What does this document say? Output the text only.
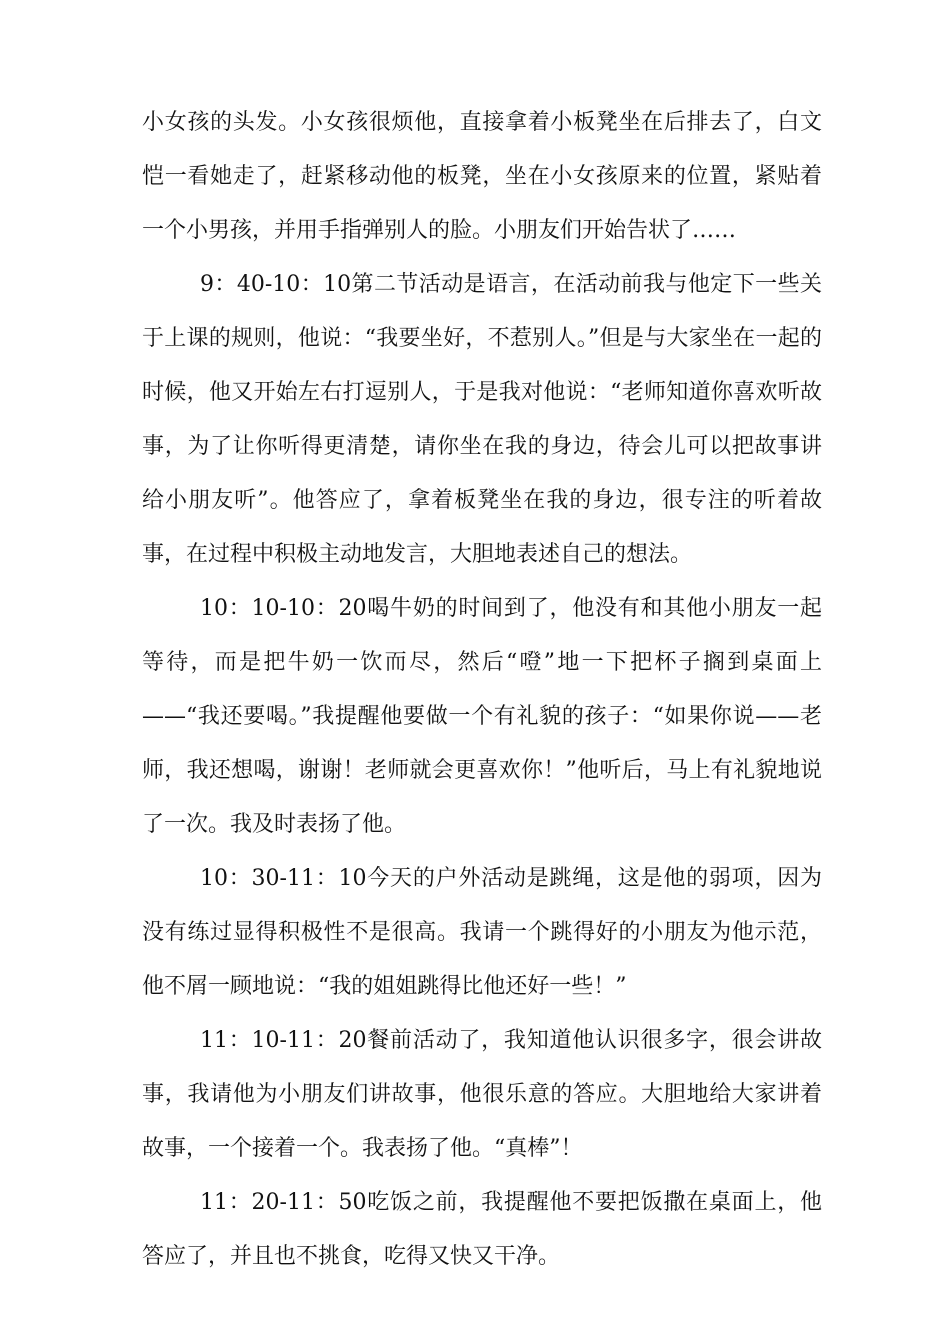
小女孩的头发。小女孩很烦他，直接拿着小板凳坐在后排去了，白文恺一看她走了，赶紧移动他的板凳，坐在小女孩原来的位置，紧贴着一个小男孩，并用手指弹别人的脸。小朋友们开始告状了……

9：40-10：10第二节活动是语言，在活动前我与他定下一些关于上课的规则，他说：“我要坐好，不惹别人。”但是与大家坐在一起的时候，他又开始左右打逗别人，于是我对他说：“老师知道你喜欢听故事，为了让你听得更清楚，请你坐在我的身边，待会儿可以把故事讲给小朋友听”。他答应了，拿着板凳坐在我的身边，很专注的听着故事，在过程中积极主动地发言，大胆地表述自己的想法。

10：10-10：20喝牛奶的时间到了，他没有和其他小朋友一起等待，而是把牛奶一饮而尽，然后“噔”地一下把杯子搁到桌面上——“我还要喝。”我提醒他要做一个有礼貌的孩子：“如果你说——老师，我还想喝，谢谢！老师就会更喜欢你！”他听后，马上有礼貌地说了一次。我及时表扬了他。

10：30-11：10今天的户外活动是跳绳，这是他的弱项，因为没有练过显得积极性不是很高。我请一个跳得好的小朋友为他示范，他不屑一顾地说：“我的姐姐跳得比他还好一些！”

11：10-11：20餐前活动了，我知道他认识很多字，很会讲故事，我请他为小朋友们讲故事，他很乐意的答应。大胆地给大家讲着故事，一个接着一个。我表扬了他。“真棒”！

11：20-11：50吃饭之前，我提醒他不要把饭撒在桌面上，他答应了，并且也不挑食，吃得又快又干净。
